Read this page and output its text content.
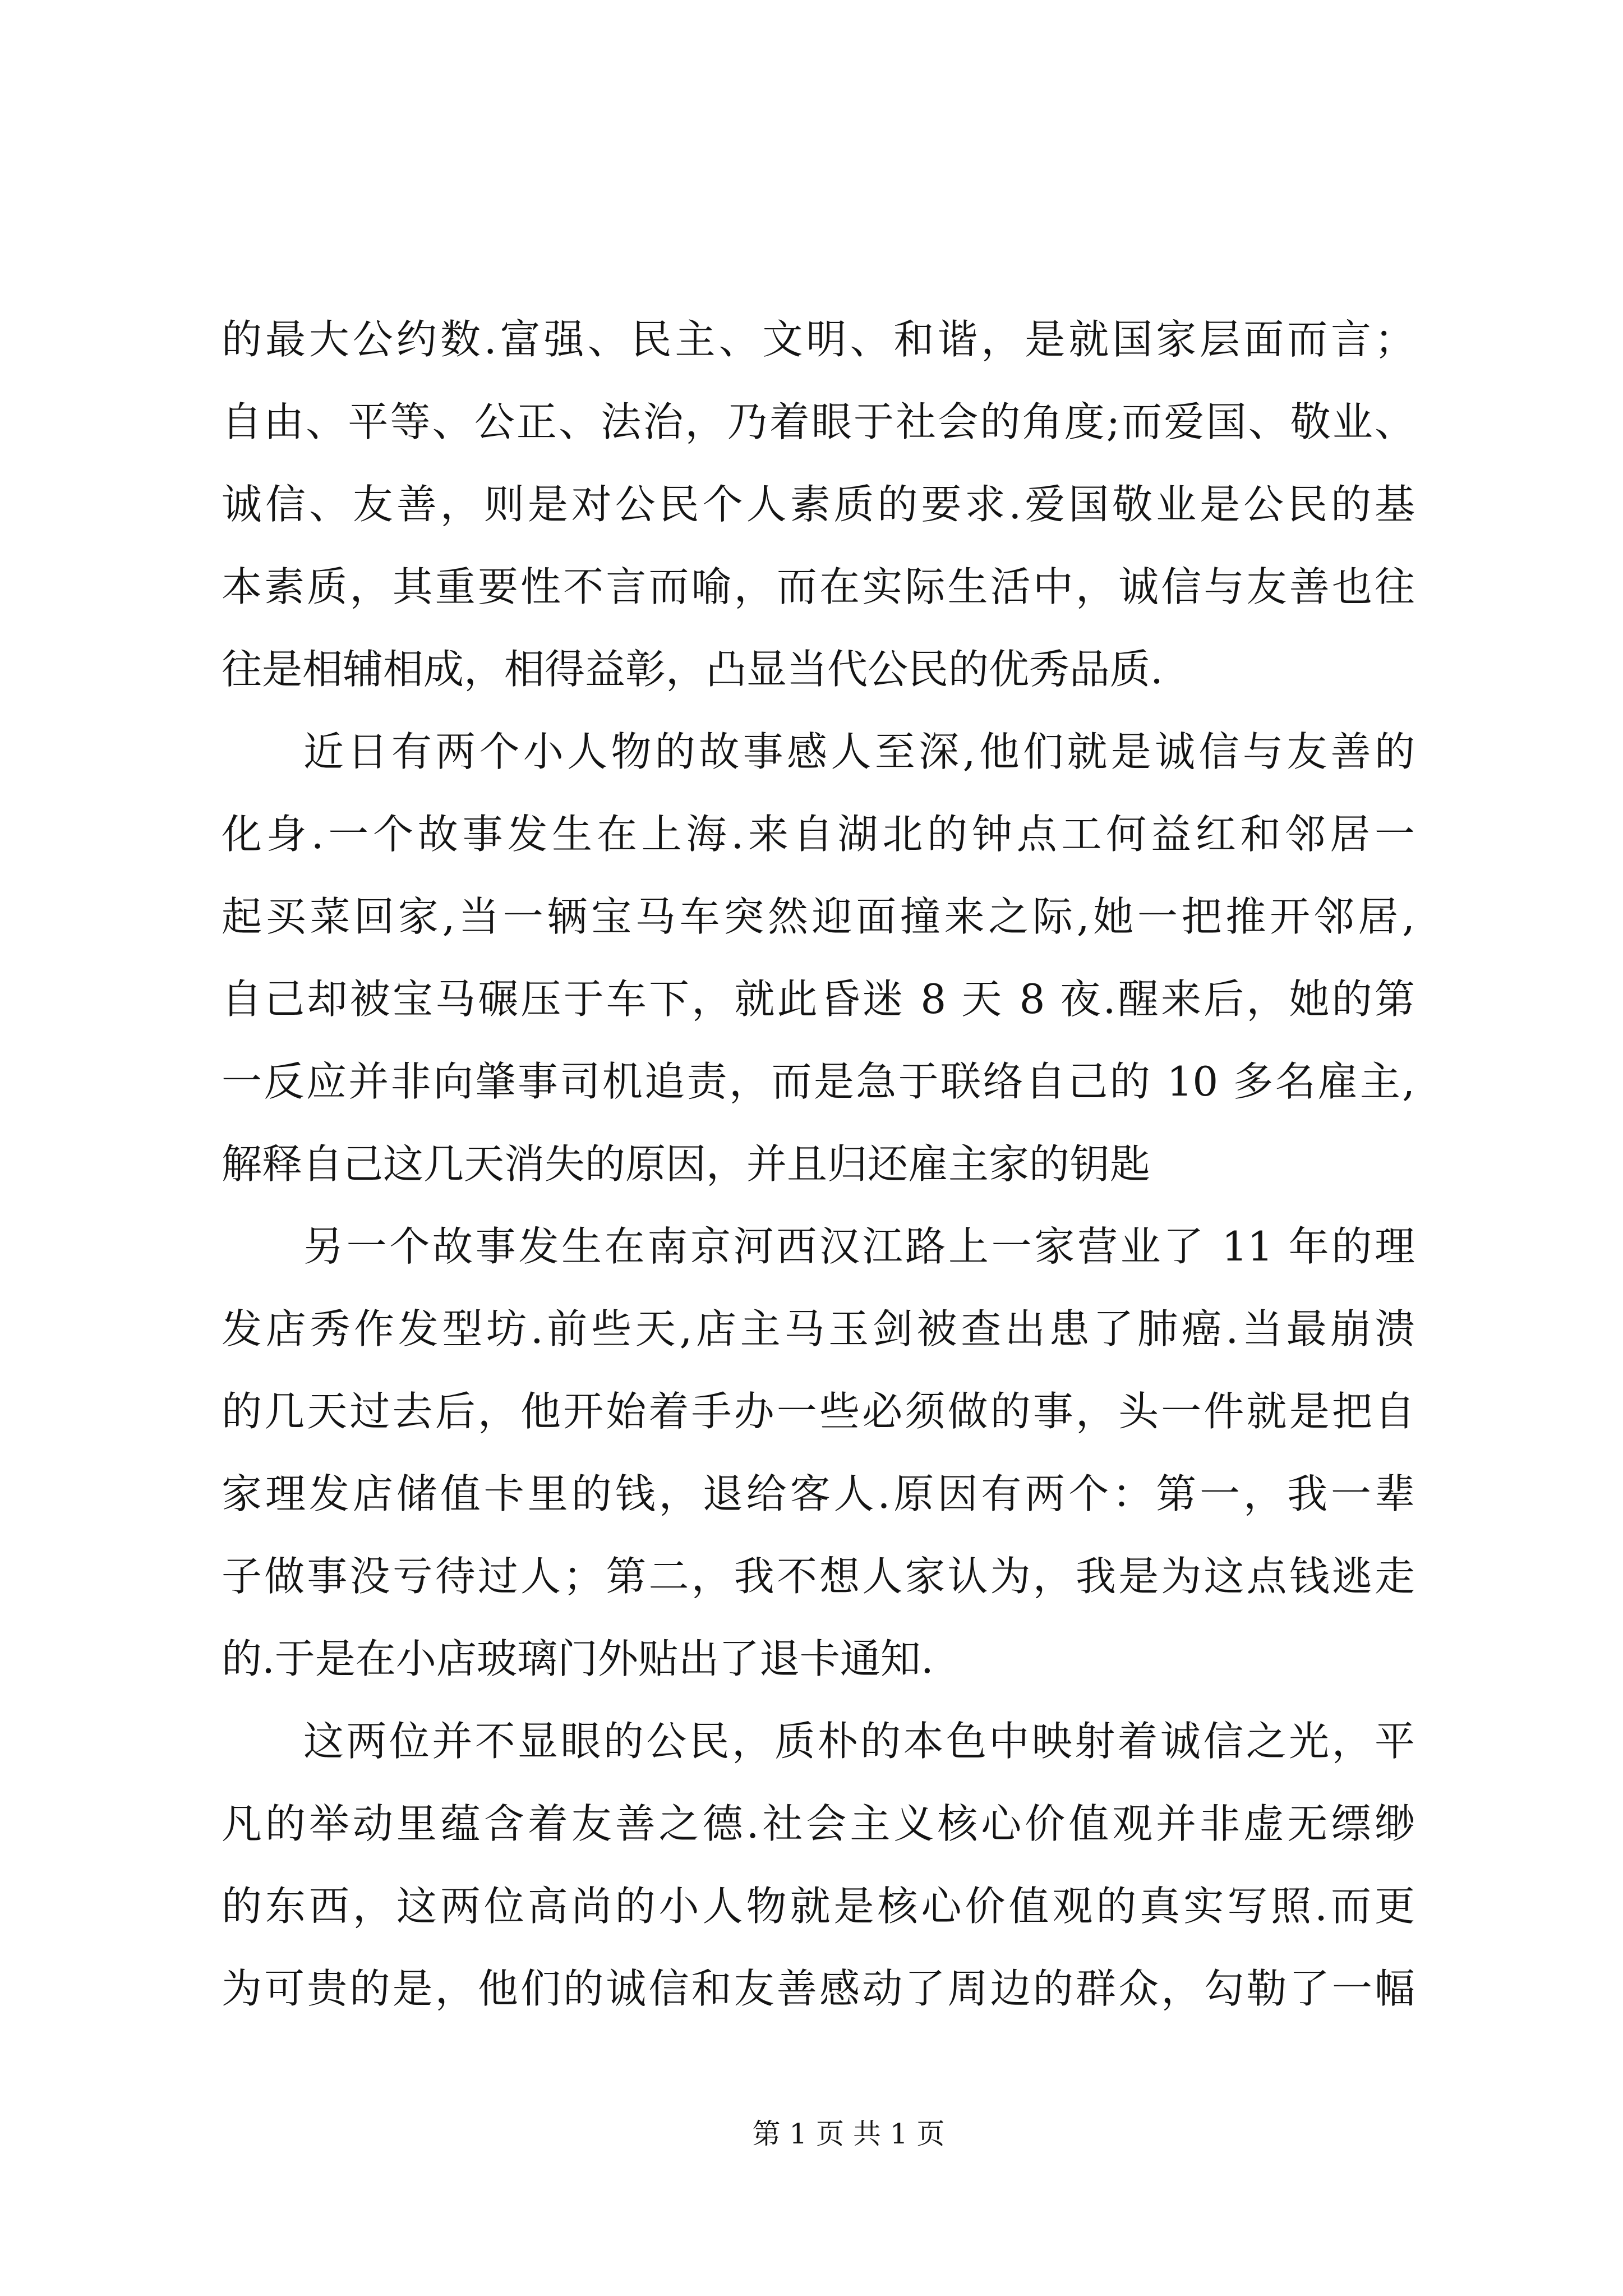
的最大公约数.富强、民主、文明、和谐，是就国家层面而言；
自由、平等、公正、法治，乃着眼于社会的角度;而爱国、敬业、
诚信、友善，则是对公民个人素质的要求.爱国敬业是公民的基
本素质，其重要性不言而喻，而在实际生活中，诚信与友善也往
往是相辅相成，相得益彰，凸显当代公民的优秀品质.
近日有两个小人物的故事感人至深,他们就是诚信与友善的
化身.一个故事发生在上海.来自湖北的钟点工何益红和邻居一
起买菜回家,当一辆宝马车突然迎面撞来之际,她一把推开邻居,
自己却被宝马碾压于车下，就此昏迷 8 天 8 夜.醒来后，她的第
一反应并非向肇事司机追责，而是急于联络自己的 10 多名雇主,
解释自己这几天消失的原因，并且归还雇主家的钥匙
另一个故事发生在南京河西汉江路上一家营业了 11 年的理
发店秀作发型坊.前些天,店主马玉剑被查出患了肺癌.当最崩溃
的几天过去后，他开始着手办一些必须做的事，头一件就是把自
家理发店储值卡里的钱，退给客人.原因有两个：第一，我一辈
子做事没亏待过人；第二，我不想人家认为，我是为这点钱逃走
的.于是在小店玻璃门外贴出了退卡通知.
这两位并不显眼的公民，质朴的本色中映射着诚信之光，平
凡的举动里蕴含着友善之德.社会主义核心价值观并非虚无缥缈
的东西，这两位高尚的小人物就是核心价值观的真实写照.而更
为可贵的是，他们的诚信和友善感动了周边的群众，勾勒了一幅
第 1 页 共 1 页
